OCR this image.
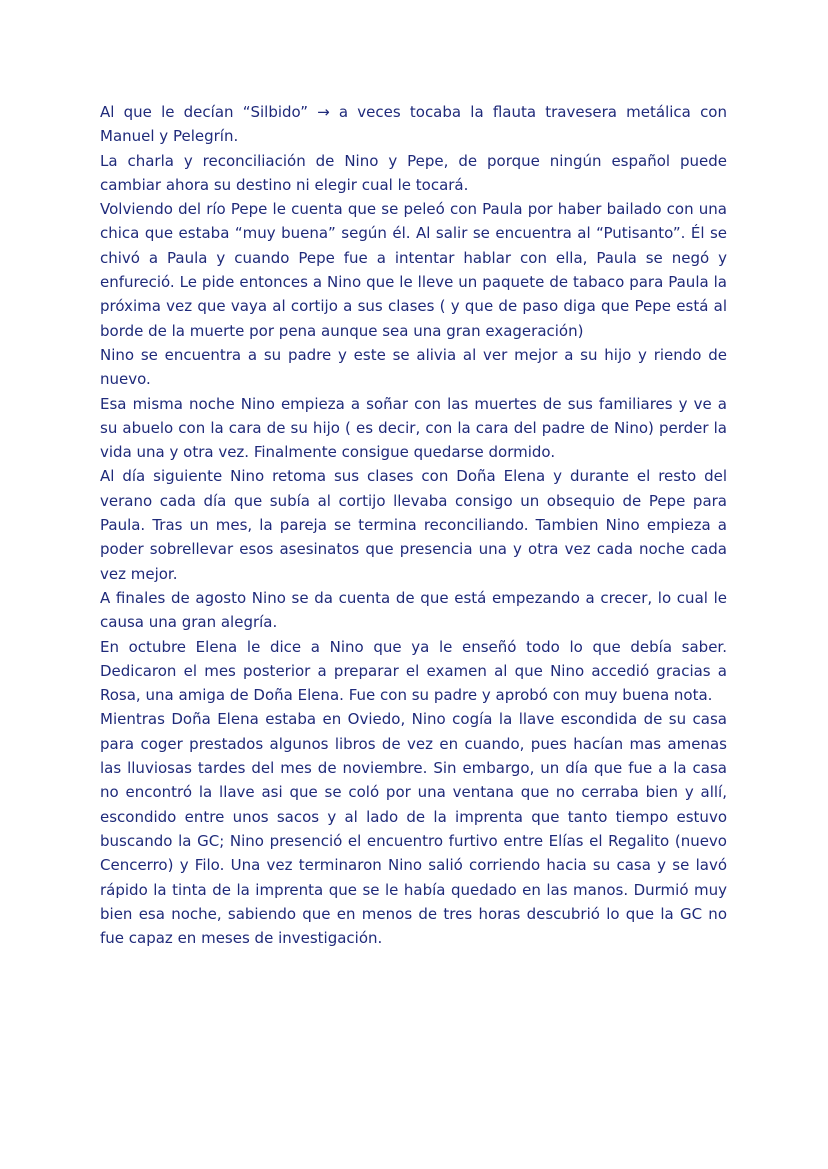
Al que le decían “Silbido” → a veces tocaba la flauta travesera metálica con Manuel y Pelegrín.

La charla y reconciliación de Nino y Pepe, de porque ningún español puede cambiar ahora su destino ni elegir cual le tocará.

Volviendo del río Pepe le cuenta que se peleó con Paula por haber bailado con una chica que estaba “muy buena” según él. Al salir se encuentra al “Putisanto”. Él se chivó a Paula y cuando Pepe fue a intentar hablar con ella, Paula se negó y enfureció. Le pide entonces a Nino que le lleve un paquete de tabaco para Paula la próxima vez que vaya al cortijo a sus clases ( y que de paso diga que Pepe está al borde de la muerte por pena aunque sea una gran exageración)

Nino se encuentra a su padre y este se alivia al ver mejor a su hijo y riendo de nuevo.

Esa misma noche Nino empieza a soñar con las muertes de sus familiares y ve a su abuelo con la cara de su hijo ( es decir, con la cara del padre de Nino) perder la vida una y otra vez. Finalmente consigue quedarse dormido.

Al día siguiente Nino retoma sus clases con Doña Elena y durante el resto del verano cada día que subía al cortijo llevaba consigo un obsequio de Pepe para Paula. Tras un mes, la pareja se termina reconciliando. Tambien Nino empieza a poder sobrellevar esos asesinatos que presencia una y otra vez cada noche cada vez mejor.

A finales de agosto Nino se da cuenta de que está empezando a crecer, lo cual le causa una gran alegría.

En octubre Elena le dice a Nino que ya le enseñó todo lo que debía saber. Dedicaron el mes posterior a preparar el examen al que Nino accedió gracias a Rosa, una amiga de Doña Elena. Fue con su padre y aprobó con muy buena nota.

Mientras Doña Elena estaba en Oviedo, Nino cogía la llave escondida de su casa para coger prestados algunos libros de vez en cuando, pues hacían mas amenas las lluviosas tardes del mes de noviembre. Sin embargo, un día que fue a la casa no encontró la llave asi que se coló por una ventana que no cerraba bien y allí, escondido entre unos sacos y al lado de la imprenta que tanto tiempo estuvo buscando la GC; Nino presenció el encuentro furtivo entre Elías el Regalito (nuevo Cencerro) y Filo. Una vez terminaron Nino salió corriendo hacia su casa y se lavó rápido la tinta de la imprenta que se le había quedado en las manos. Durmió muy bien esa noche, sabiendo que en menos de tres horas descubrió lo que la GC no fue capaz en meses de investigación.
